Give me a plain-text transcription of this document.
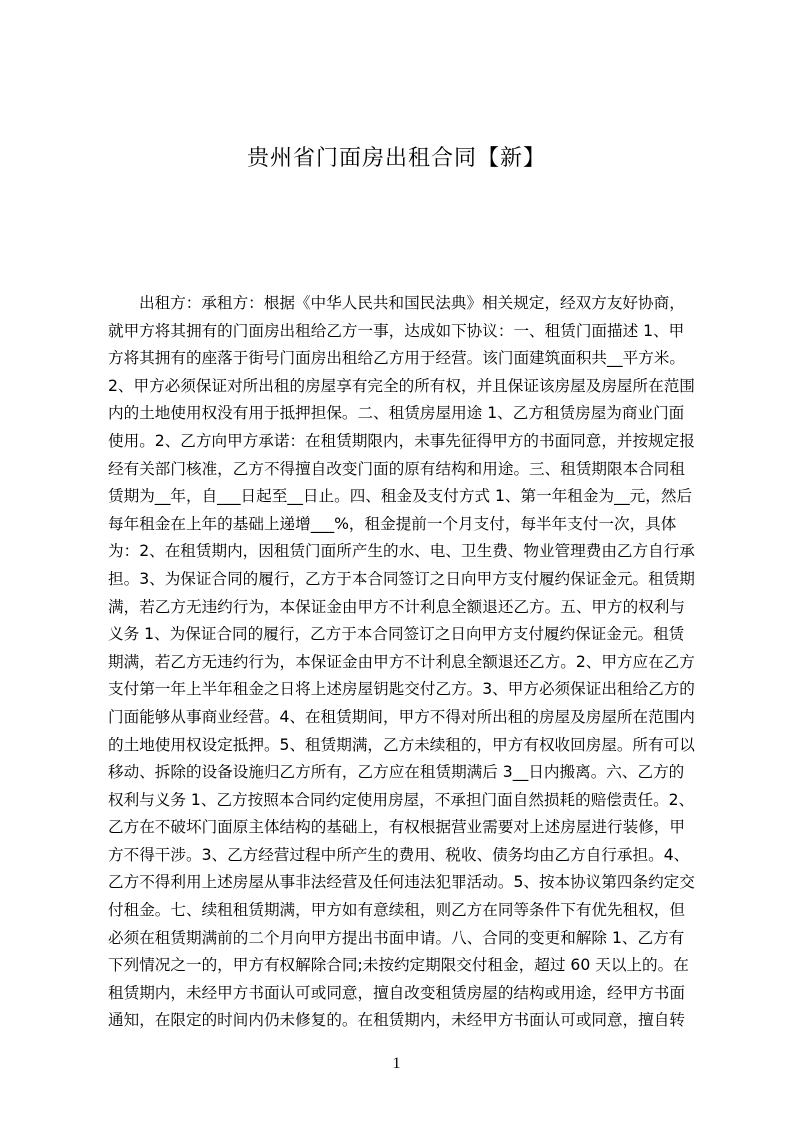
贵州省门面房出租合同【新】
出租方：承租方：根据《中华人民共和国民法典》相关规定，经双方友好协商，
就甲方将其拥有的门面房出租给乙方一事，达成如下协议：一、租赁门面描述 1、甲
方将其拥有的座落于街号门面房出租给乙方用于经营。该门面建筑面积共__平方米。
2、甲方必须保证对所出租的房屋享有完全的所有权，并且保证该房屋及房屋所在范围
内的土地使用权没有用于抵押担保。二、租赁房屋用途 1、乙方租赁房屋为商业门面
使用。2、乙方向甲方承诺：在租赁期限内，未事先征得甲方的书面同意，并按规定报
经有关部门核准，乙方不得擅自改变门面的原有结构和用途。三、租赁期限本合同租
赁期为__年，自___日起至__日止。四、租金及支付方式 1、第一年租金为__元，然后
每年租金在上年的基础上递增___%，租金提前一个月支付，每半年支付一次，具体
为：2、在租赁期内，因租赁门面所产生的水、电、卫生费、物业管理费由乙方自行承
担。3、为保证合同的履行，乙方于本合同签订之日向甲方支付履约保证金元。租赁期
满，若乙方无违约行为，本保证金由甲方不计利息全额退还乙方。五、甲方的权利与
义务 1、为保证合同的履行，乙方于本合同签订之日向甲方支付履约保证金元。租赁
期满，若乙方无违约行为，本保证金由甲方不计利息全额退还乙方。2、甲方应在乙方
支付第一年上半年租金之日将上述房屋钥匙交付乙方。3、甲方必须保证出租给乙方的
门面能够从事商业经营。4、在租赁期间，甲方不得对所出租的房屋及房屋所在范围内
的土地使用权设定抵押。5、租赁期满，乙方未续租的，甲方有权收回房屋。所有可以
移动、拆除的设备设施归乙方所有，乙方应在租赁期满后 3__日内搬离。六、乙方的
权利与义务 1、乙方按照本合同约定使用房屋，不承担门面自然损耗的赔偿责任。2、
乙方在不破坏门面原主体结构的基础上，有权根据营业需要对上述房屋进行装修，甲
方不得干涉。3、乙方经营过程中所产生的费用、税收、债务均由乙方自行承担。4、
乙方不得利用上述房屋从事非法经营及任何违法犯罪活动。5、按本协议第四条约定交
付租金。七、续租租赁期满，甲方如有意续租，则乙方在同等条件下有优先租权，但
必须在租赁期满前的二个月向甲方提出书面申请。八、合同的变更和解除 1、乙方有
下列情况之一的，甲方有权解除合同;未按约定期限交付租金，超过 60 天以上的。在
租赁期内，未经甲方书面认可或同意，擅自改变租赁房屋的结构或用途，经甲方书面
通知，在限定的时间内仍未修复的。在租赁期内，未经甲方书面认可或同意，擅自转
1
